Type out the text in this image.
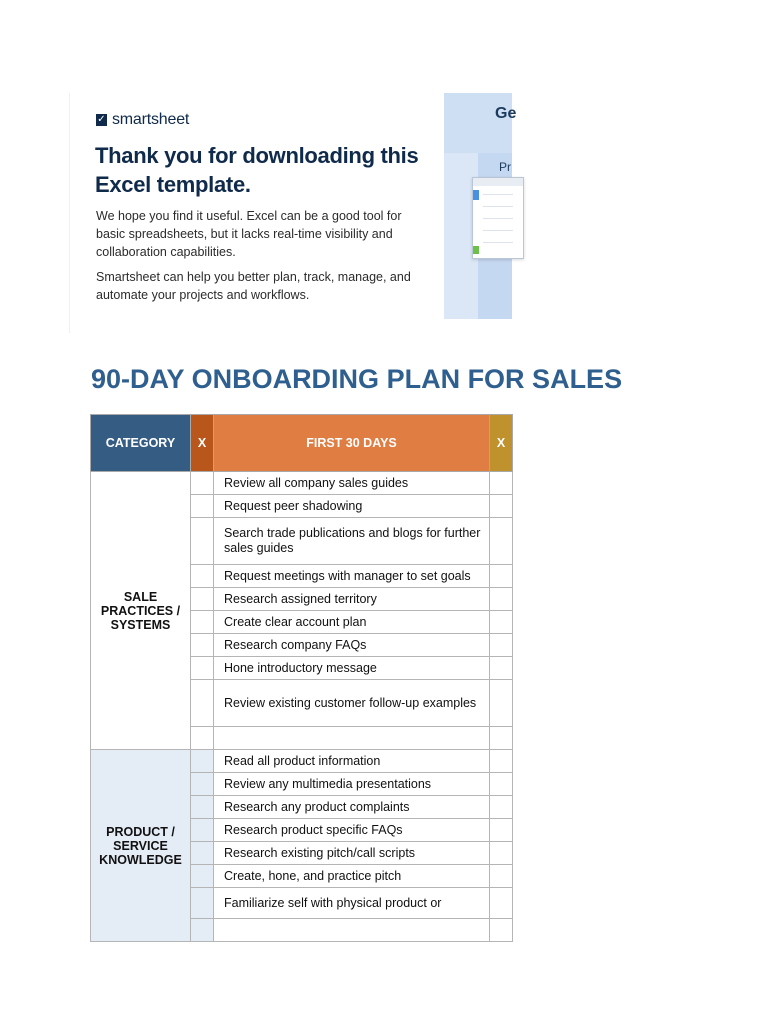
✓ smartsheet
Thank you for downloading this Excel template.
We hope you find it useful. Excel can be a good tool for basic spreadsheets, but it lacks real-time visibility and collaboration capabilities.
Smartsheet can help you better plan, track, manage, and automate your projects and workflows.
Ge
Pr
90-DAY ONBOARDING PLAN FOR SALES
CATEGORY	X	FIRST 30 DAYS	X	
SALE PRACTICES / SYSTEMS		Review all company sales guides		
		Request peer shadowing		
		Search trade publications and blogs for further sales guides		
		Request meetings with manager to set goals		
		Research assigned territory		
		Create clear account plan		
		Research company FAQs		
		Hone introductory message		
		Review existing customer follow-up examples		

PRODUCT / SERVICE KNOWLEDGE		Read all product information		
		Review any multimedia presentations		
		Research any product complaints		
		Research product specific FAQs		
		Research existing pitch/call scripts		
		Create, hone, and practice pitch		
		Familiarize self with physical product or		
